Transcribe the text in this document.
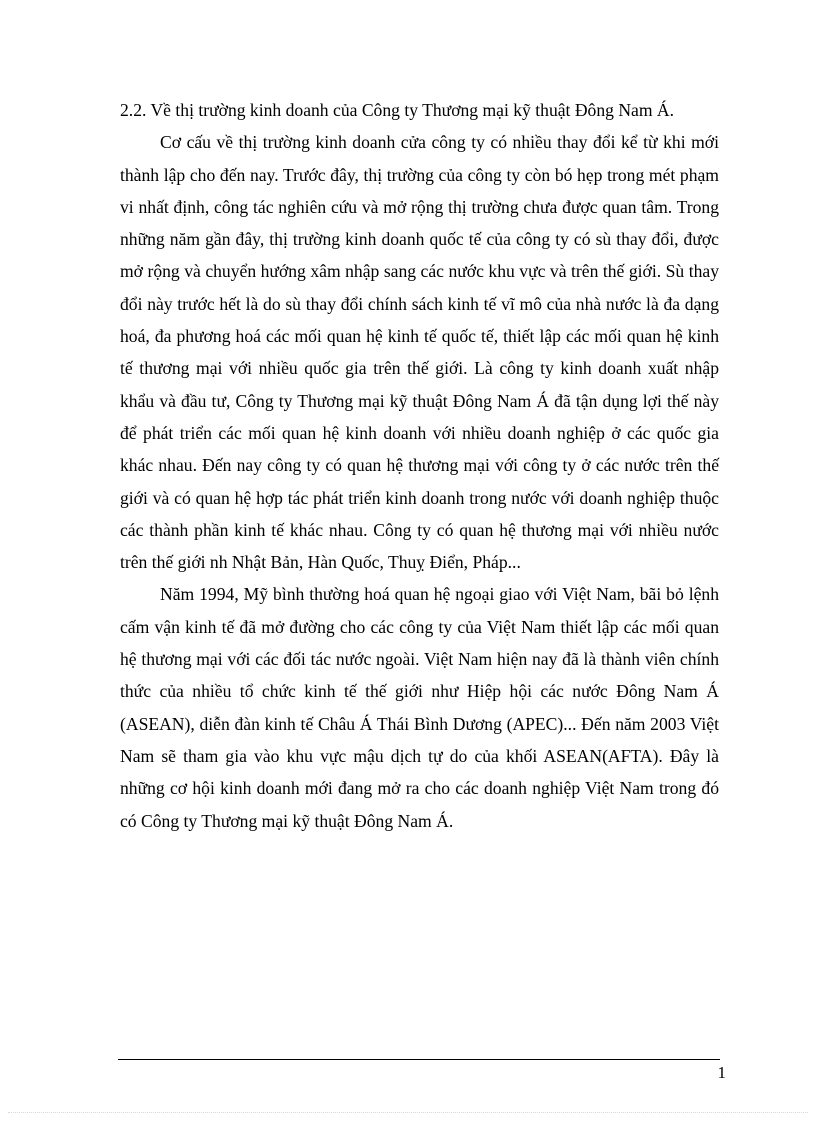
2.2. Về thị trường kinh doanh của Công ty Thương mại kỹ thuật Đông Nam Á.

Cơ cấu về thị trường kinh doanh cửa công ty có nhiều thay đổi kể từ khi mới thành lập cho đến nay. Trước đây, thị trường của công ty còn bó hẹp trong mét phạm vi nhất định, công tác nghiên cứu và mở rộng thị trường chưa được quan tâm. Trong những năm gần đây, thị trường kinh doanh quốc tế của công ty có sù thay đổi, được mở rộng và chuyển hướng xâm nhập sang các nước khu vực và trên thế giới. Sù thay đổi này trước hết là do sù thay đổi chính sách kinh tế vĩ mô của nhà nước là đa dạng hoá, đa phương hoá các mối quan hệ kinh tế quốc tế, thiết lập các mối quan hệ kinh tế thương mại với nhiều quốc gia trên thế giới. Là công ty kinh doanh xuất nhập khẩu và đầu tư, Công ty Thương mại kỹ thuật Đông Nam Á đã tận dụng lợi thế này để phát triển các mối quan hệ kinh doanh với nhiều doanh nghiệp ở các quốc gia khác nhau. Đến nay công ty có quan hệ thương mại với công ty ở các nước trên thế giới và có quan hệ hợp tác phát triển kinh doanh trong nước với doanh nghiệp thuộc các thành phần kinh tế khác nhau. Công ty có quan hệ thương mại với nhiều nước trên thế giới nh Nhật Bản, Hàn Quốc, Thuỵ Điển, Pháp...

Năm 1994, Mỹ bình thường hoá quan hệ ngoại giao với Việt Nam, bãi bỏ lệnh cấm vận kinh tế đã mở đường cho các công ty của Việt Nam thiết lập các mối quan hệ thương mại với các đối tác nước ngoài. Việt Nam hiện nay đã là thành viên chính thức của nhiều tổ chức kinh tế thế giới như Hiệp hội các nước Đông Nam Á (ASEAN), diễn đàn kinh tế Châu Á Thái Bình Dương (APEC)... Đến năm 2003 Việt Nam sẽ tham gia vào khu vực mậu dịch tự do của khối ASEAN(AFTA). Đây là những cơ hội kinh doanh mới đang mở ra cho các doanh nghiệp Việt Nam trong đó có Công ty Thương mại kỹ thuật Đông Nam Á.

1
